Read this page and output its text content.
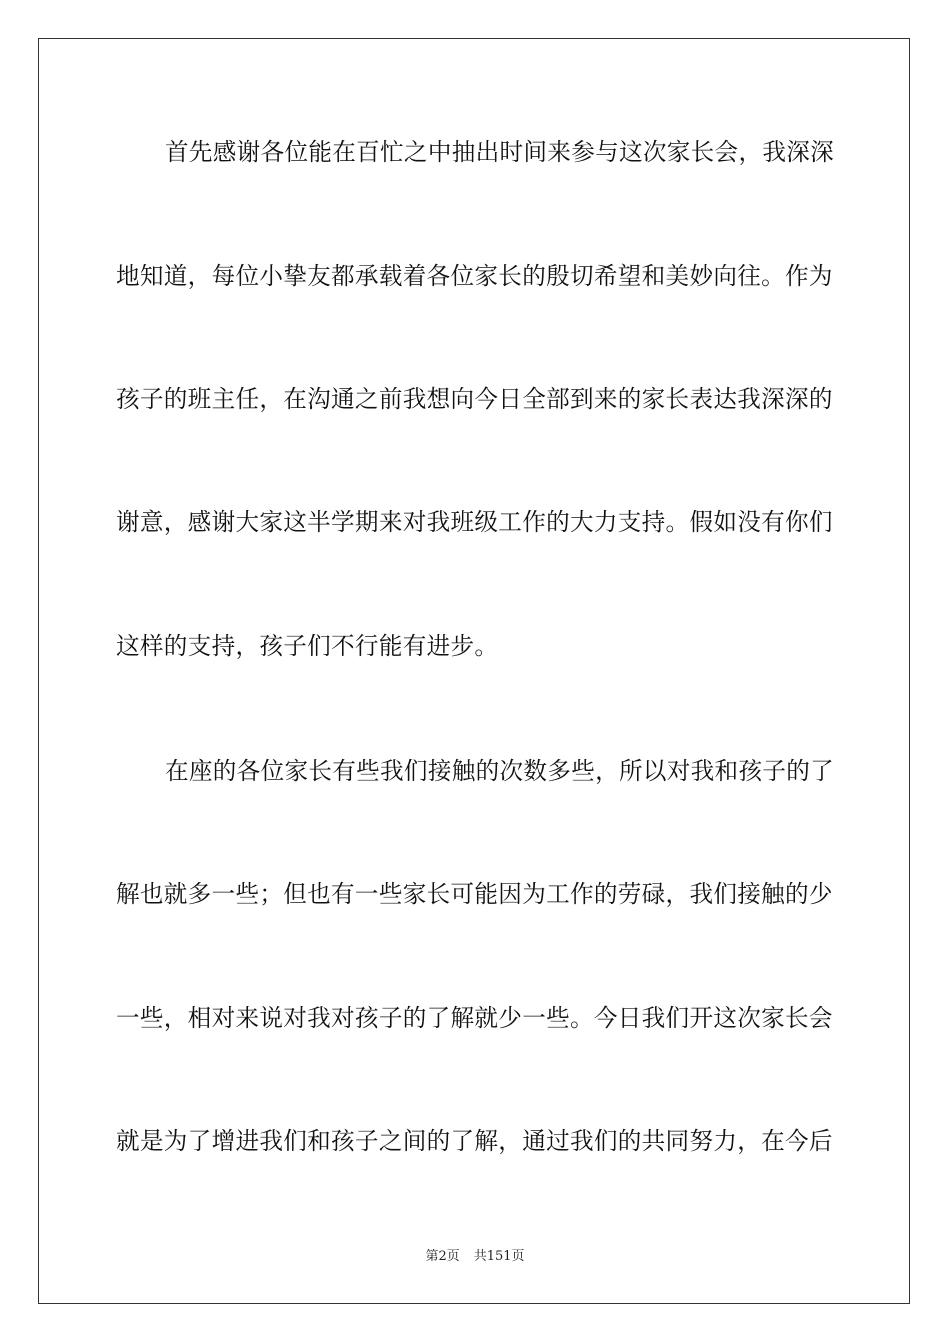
首先感谢各位能在百忙之中抽出时间来参与这次家长会，我深深
地知道，每位小挚友都承载着各位家长的殷切希望和美妙向往。作为
孩子的班主任，在沟通之前我想向今日全部到来的家长表达我深深的
谢意，感谢大家这半学期来对我班级工作的大力支持。假如没有你们
这样的支持，孩子们不行能有进步。
在座的各位家长有些我们接触的次数多些，所以对我和孩子的了
解也就多一些；但也有一些家长可能因为工作的劳碌，我们接触的少
一些，相对来说对我对孩子的了解就少一些。今日我们开这次家长会
就是为了增进我们和孩子之间的了解，通过我们的共同努力，在今后
第2页 共151页
